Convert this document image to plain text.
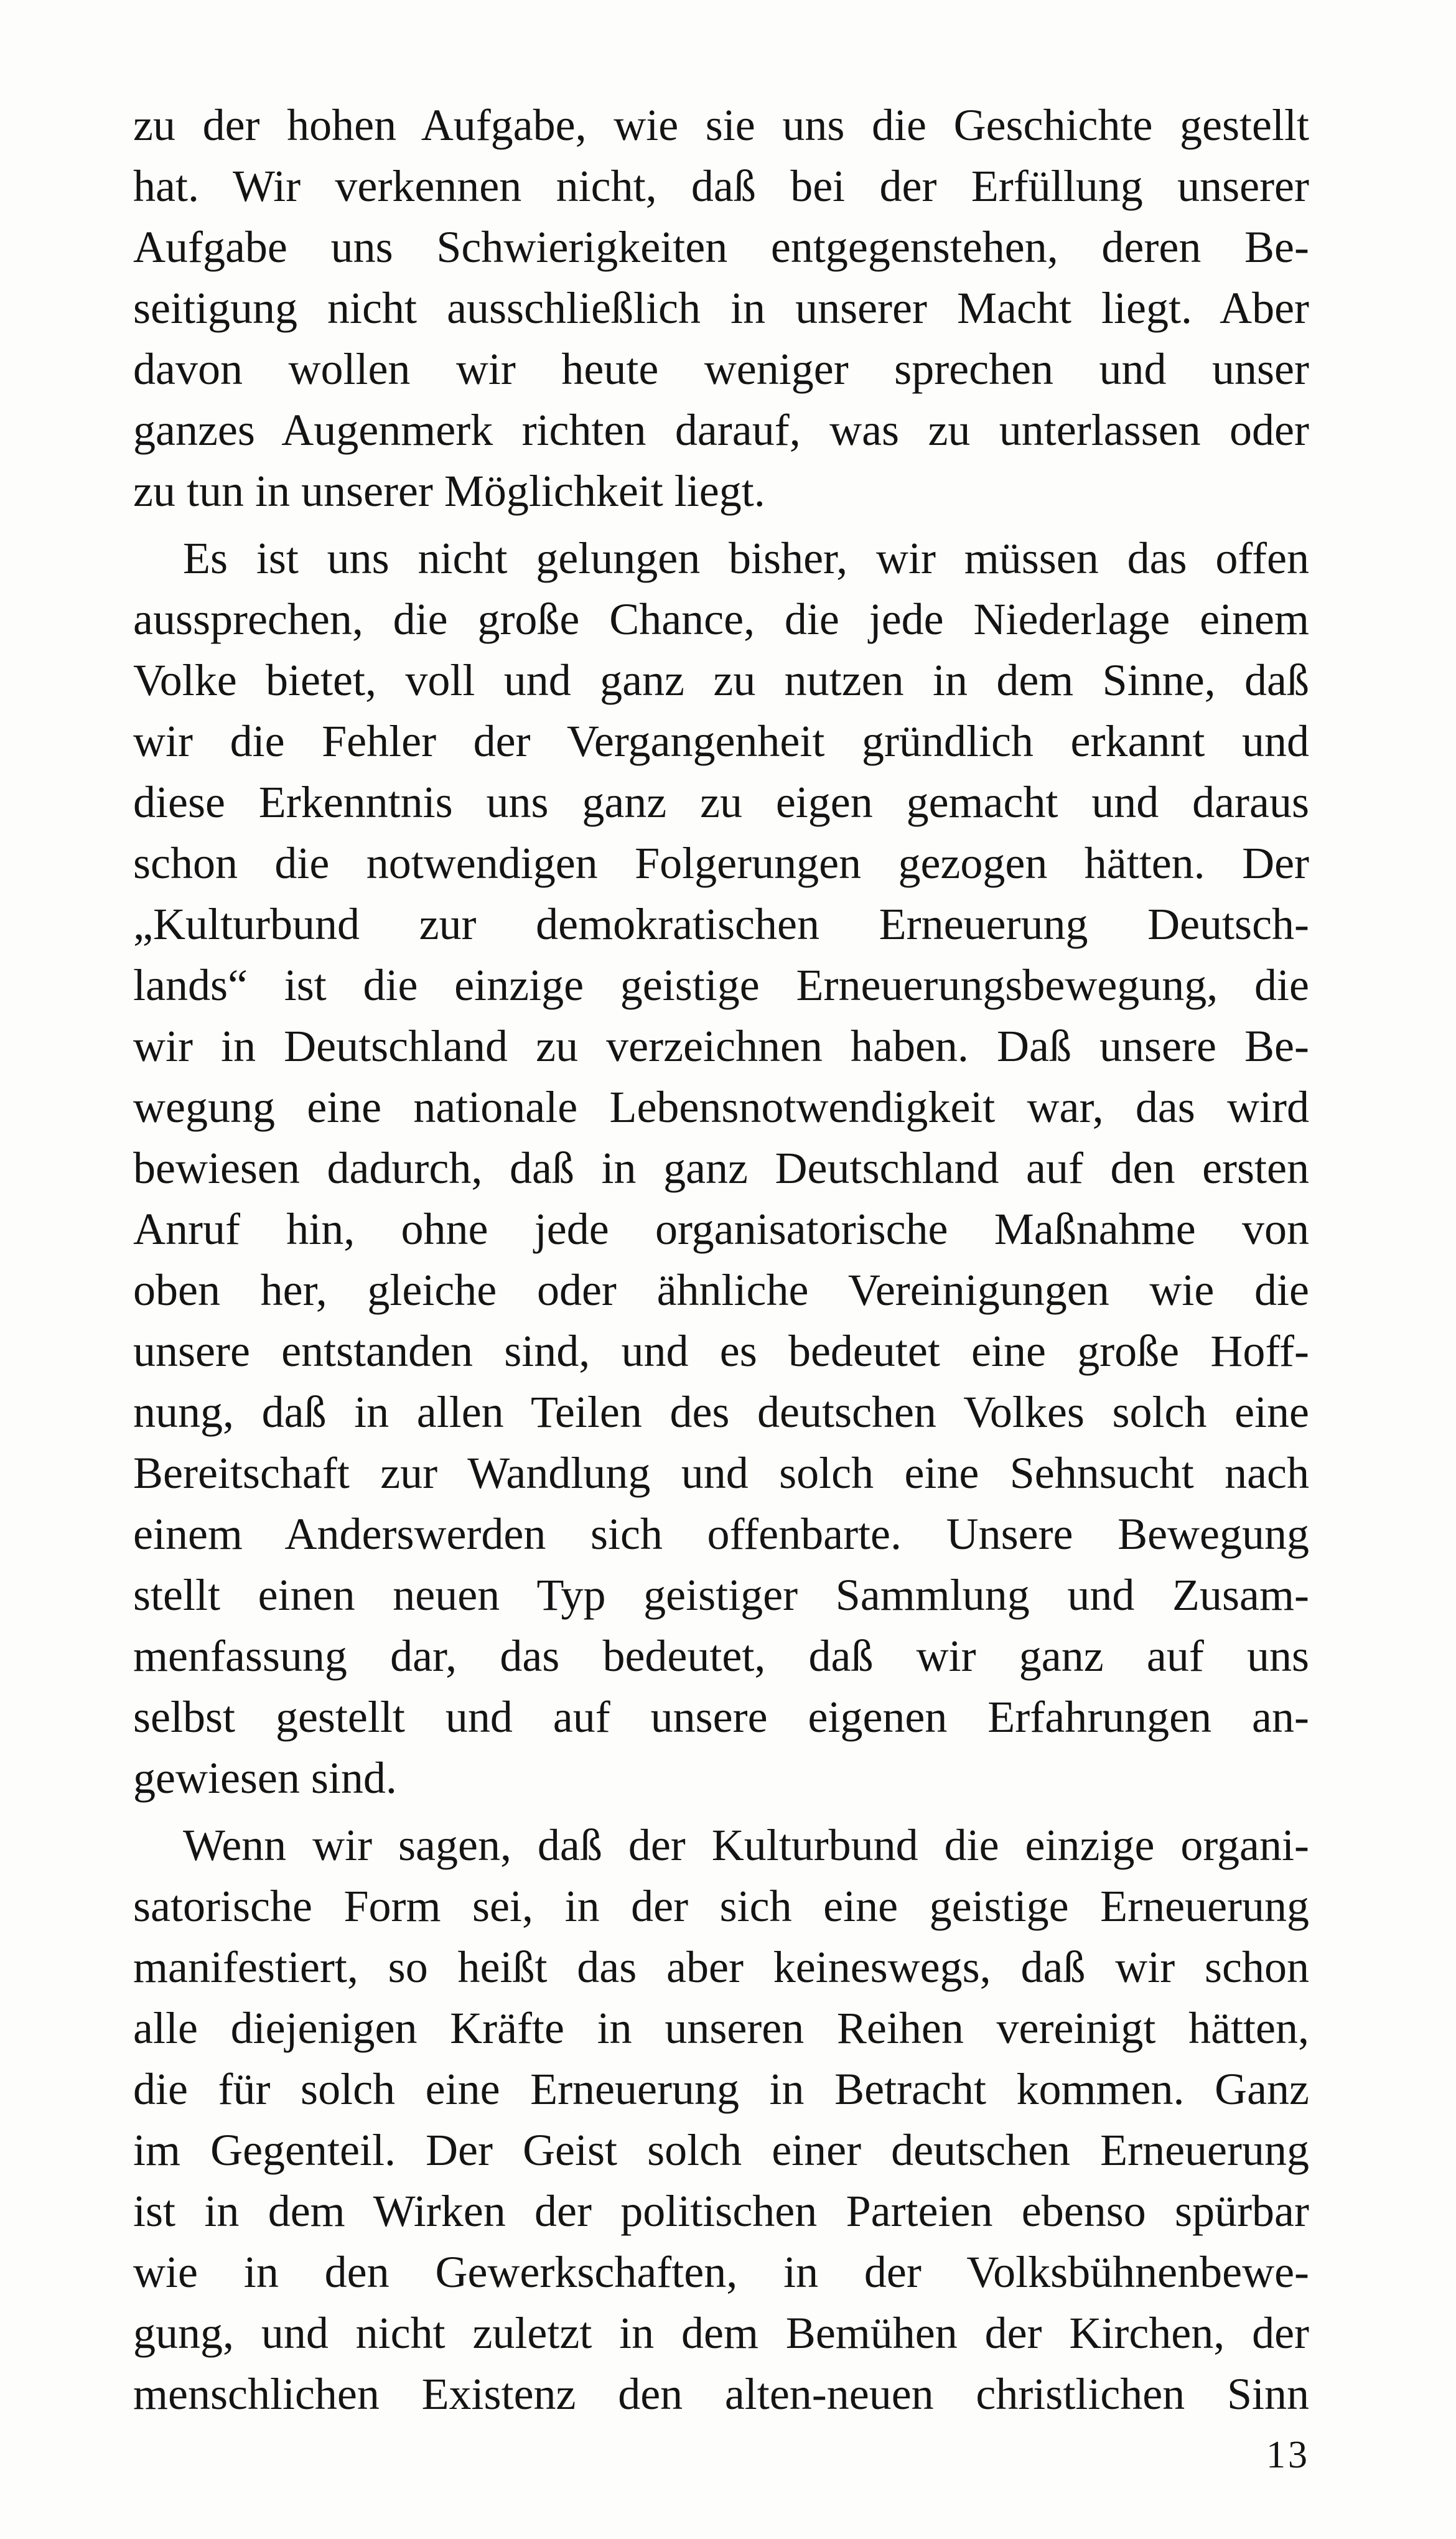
zu der hohen Aufgabe, wie sie uns die Geschichte gestellt
hat. Wir verkennen nicht, daß bei der Erfüllung unserer
Aufgabe uns Schwierigkeiten entgegenstehen, deren Be-
seitigung nicht ausschließlich in unserer Macht liegt. Aber
davon wollen wir heute weniger sprechen und unser
ganzes Augenmerk richten darauf, was zu unterlassen oder
zu tun in unserer Möglichkeit liegt.
Es ist uns nicht gelungen bisher, wir müssen das offen
aussprechen, die große Chance, die jede Niederlage einem
Volke bietet, voll und ganz zu nutzen in dem Sinne, daß
wir die Fehler der Vergangenheit gründlich erkannt und
diese Erkenntnis uns ganz zu eigen gemacht und daraus
schon die notwendigen Folgerungen gezogen hätten. Der
„Kulturbund zur demokratischen Erneuerung Deutsch-
lands“ ist die einzige geistige Erneuerungsbewegung, die
wir in Deutschland zu verzeichnen haben. Daß unsere Be-
wegung eine nationale Lebensnotwendigkeit war, das wird
bewiesen dadurch, daß in ganz Deutschland auf den ersten
Anruf hin, ohne jede organisatorische Maßnahme von
oben her, gleiche oder ähnliche Vereinigungen wie die
unsere entstanden sind, und es bedeutet eine große Hoff-
nung, daß in allen Teilen des deutschen Volkes solch eine
Bereitschaft zur Wandlung und solch eine Sehnsucht nach
einem Anderswerden sich offenbarte. Unsere Bewegung
stellt einen neuen Typ geistiger Sammlung und Zusam-
menfassung dar, das bedeutet, daß wir ganz auf uns
selbst gestellt und auf unsere eigenen Erfahrungen an-
gewiesen sind.
Wenn wir sagen, daß der Kulturbund die einzige organi-
satorische Form sei, in der sich eine geistige Erneuerung
manifestiert, so heißt das aber keineswegs, daß wir schon
alle diejenigen Kräfte in unseren Reihen vereinigt hätten,
die für solch eine Erneuerung in Betracht kommen. Ganz
im Gegenteil. Der Geist solch einer deutschen Erneuerung
ist in dem Wirken der politischen Parteien ebenso spürbar
wie in den Gewerkschaften, in der Volksbühnenbewe-
gung, und nicht zuletzt in dem Bemühen der Kirchen, der
menschlichen Existenz den alten-neuen christlichen Sinn
13
